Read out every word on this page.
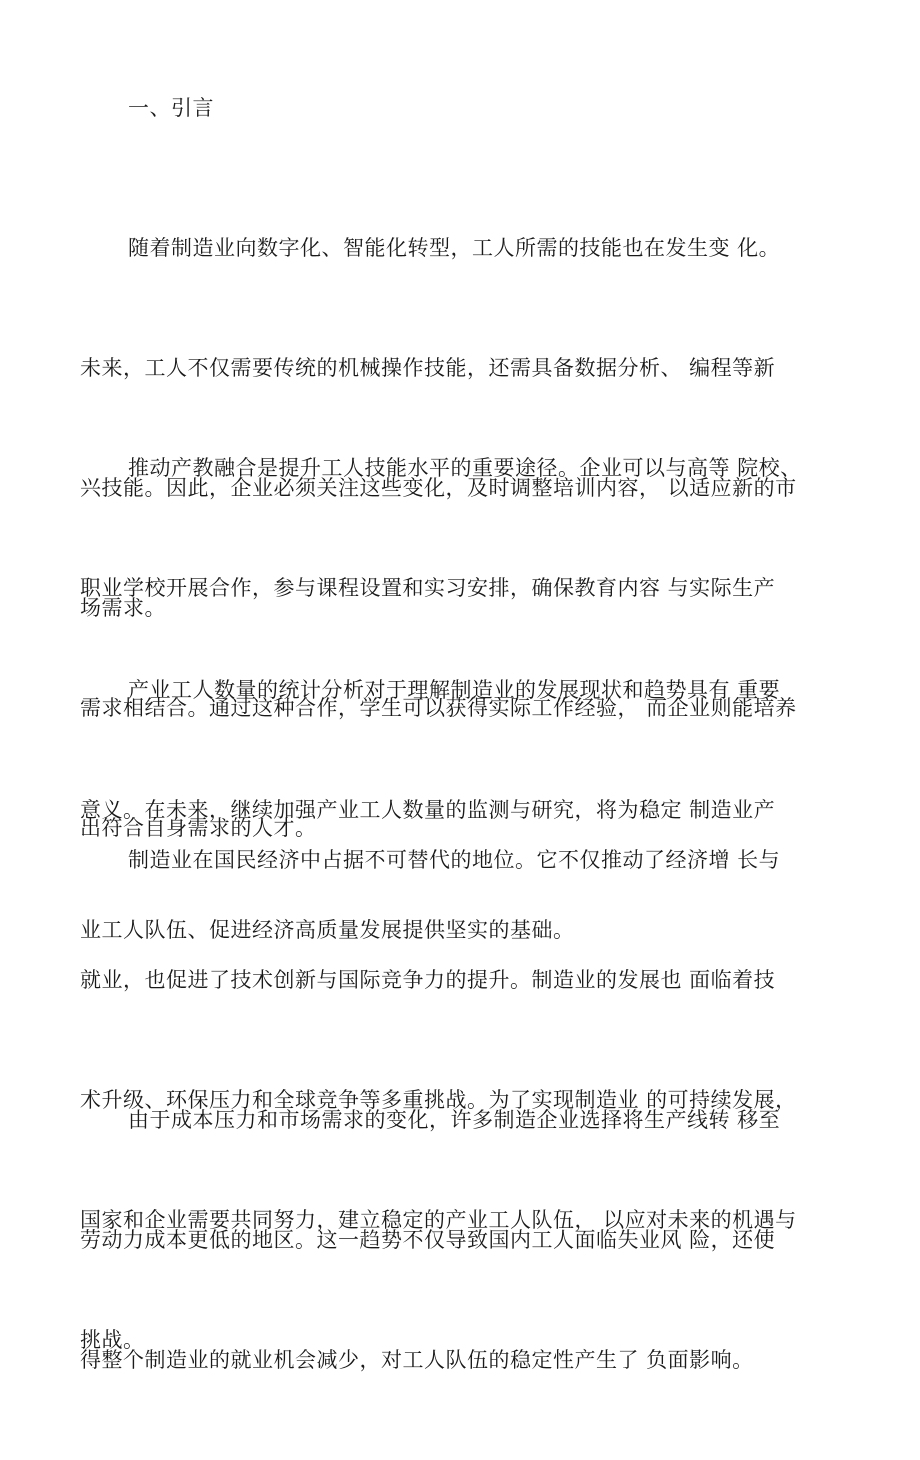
一、引言

随着制造业向数字化、智能化转型，工人所需的技能也在发生变 化。

未来，工人不仅需要传统的机械操作技能，还需具备数据分析、 编程等新

兴技能。因此，企业必须关注这些变化，及时调整培训内容， 以适应新的市

场需求。

推动产教融合是提升工人技能水平的重要途径。企业可以与高等 院校、

职业学校开展合作，参与课程设置和实习安排，确保教育内容 与实际生产

需求相结合。通过这种合作，学生可以获得实际工作经验， 而企业则能培养

出符合自身需求的人才。

产业工人数量的统计分析对于理解制造业的发展现状和趋势具有 重要

意义。在未来，继续加强产业工人数量的监测与研究，将为稳定 制造业产

业工人队伍、促进经济高质量发展提供坚实的基础。

制造业在国民经济中占据不可替代的地位。它不仅推动了经济增 长与

就业，也促进了技术创新与国际竞争力的提升。制造业的发展也 面临着技

术升级、环保压力和全球竞争等多重挑战。为了实现制造业 的可持续发展，

国家和企业需要共同努力，建立稳定的产业工人队伍， 以应对未来的机遇与

挑战。

由于成本压力和市场需求的变化，许多制造企业选择将生产线转 移至

劳动力成本更低的地区。这一趋势不仅导致国内工人面临失业风 险，还使

得整个制造业的就业机会减少，对工人队伍的稳定性产生了 负面影响。
